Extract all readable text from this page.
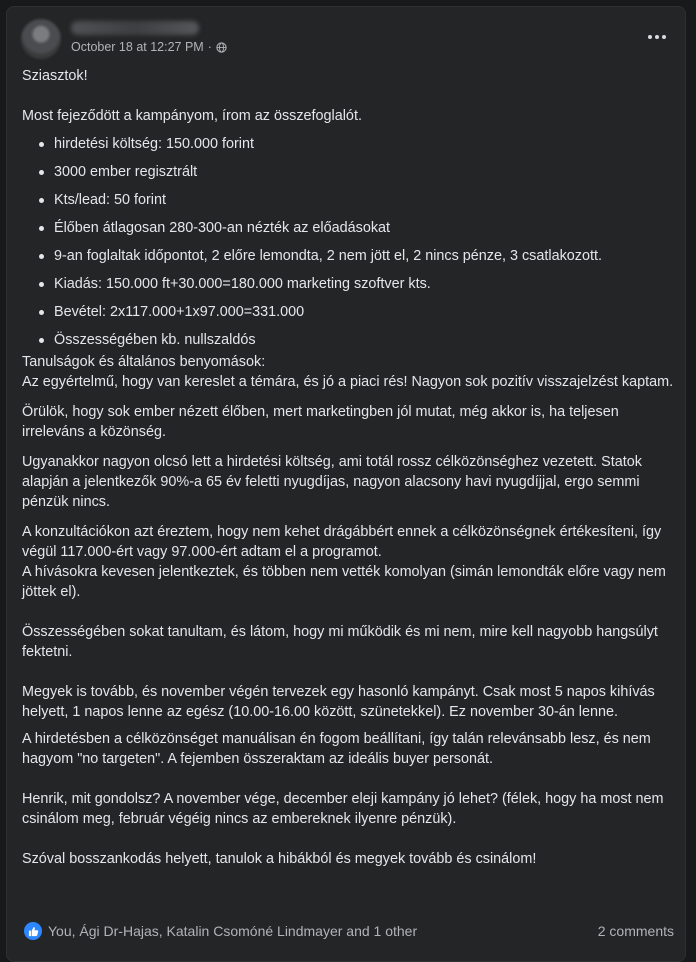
October 18 at 12:27 PM ·

Sziasztok!

Most fejeződött a kampányom, írom az összefoglalót.

hirdetési költség: 150.000 forint
3000 ember regisztrált
Kts/lead: 50 forint
Élőben átlagosan 280-300-an nézték az előadásokat
9-an foglaltak időpontot, 2 előre lemondta, 2 nem jött el, 2 nincs pénze, 3 csatlakozott.
Kiadás: 150.000 ft+30.000=180.000 marketing szoftver kts.
Bevétel: 2x117.000+1x97.000=331.000
Összességében kb. nullszaldós

Tanulságok és általános benyomások:

Az egyértelmű, hogy van kereslet a témára, és jó a piaci rés! Nagyon sok pozitív visszajelzést kaptam.

Örülök, hogy sok ember nézett élőben, mert marketingben jól mutat, még akkor is, ha teljesen irreleváns a közönség.

Ugyanakkor nagyon olcsó lett a hirdetési költség, ami totál rossz célközönséghez vezetett. Statok alapján a jelentkezők 90%-a 65 év feletti nyugdíjas, nagyon alacsony havi nyugdíjjal, ergo semmi pénzük nincs.

A konzultációkon azt éreztem, hogy nem kehet drágábbért ennek a célközönségnek értékesíteni, így végül 117.000-ért vagy 97.000-ért adtam el a programot.

A hívásokra kevesen jelentkeztek, és többen nem vették komolyan (simán lemondták előre vagy nem jöttek el).

Összességében sokat tanultam, és látom, hogy mi működik és mi nem, mire kell nagyobb hangsúlyt fektetni.

Megyek is tovább, és november végén tervezek egy hasonló kampányt. Csak most 5 napos kihívás helyett, 1 napos lenne az egész (10.00-16.00 között, szünetekkel). Ez november 30-án lenne.

A hirdetésben a célközönséget manuálisan én fogom beállítani, így talán relevánsabb lesz, és nem hagyom "no targeten". A fejemben összeraktam az ideális buyer personát.

Henrik, mit gondolsz? A november vége, december eleji kampány jó lehet? (félek, hogy ha most nem csinálom meg, február végéig nincs az embereknek ilyenre pénzük).

Szóval bosszankodás helyett, tanulok a hibákból és megyek tovább és csinálom!

You, Ági Dr-Hajas, Katalin Csomóné Lindmayer and 1 other	2 comments
